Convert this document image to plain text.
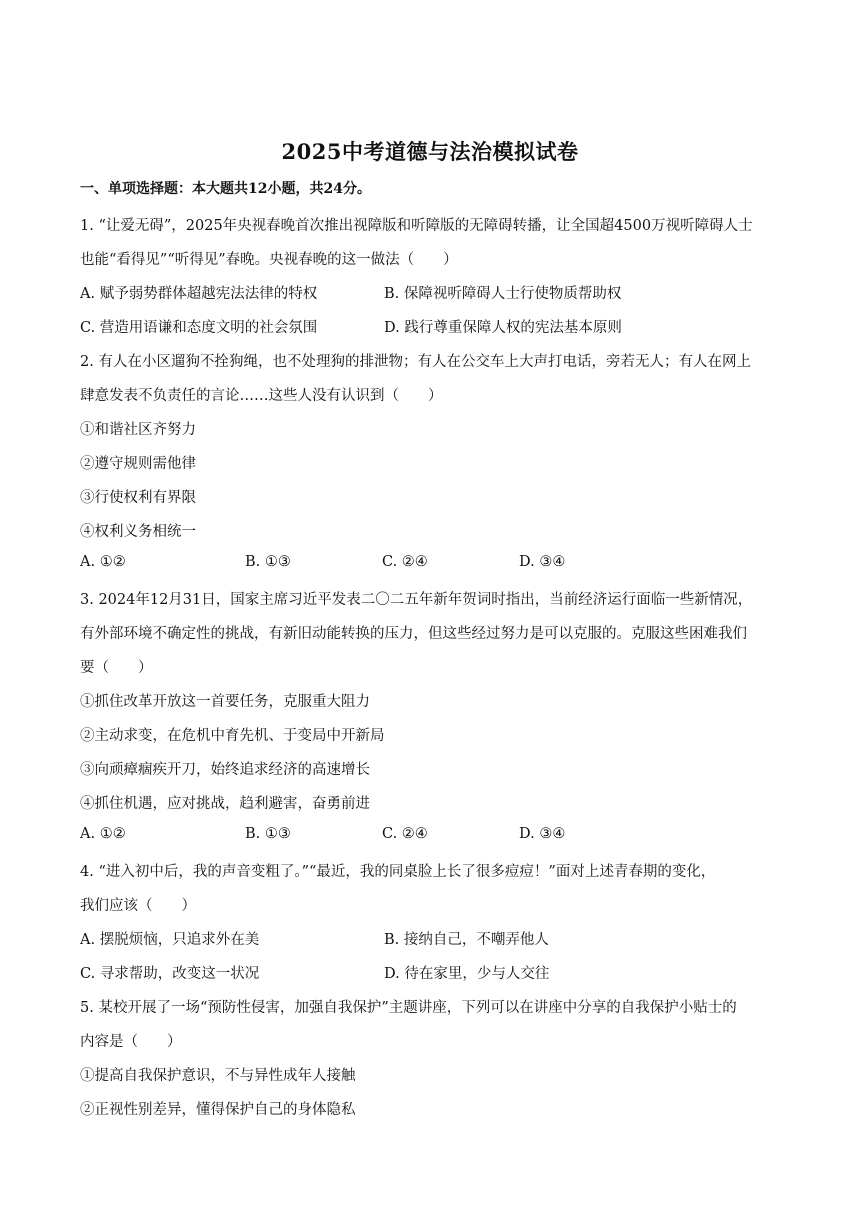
2025中考道德与法治模拟试卷
一、单项选择题：本大题共12小题，共24分。
1. “让爱无碍”，2025年央视春晚首次推出视障版和听障版的无障碍转播，让全国超4500万视听障碍人士
也能“看得见”“听得见”春晚。央视春晚的这一做法（　　）
A. 赋予弱势群体超越宪法法律的特权	B. 保障视听障碍人士行使物质帮助权
C. 营造用语谦和态度文明的社会氛围	D. 践行尊重保障人权的宪法基本原则
2. 有人在小区遛狗不拴狗绳，也不处理狗的排泄物；有人在公交车上大声打电话，旁若无人；有人在网上
肆意发表不负责任的言论……这些人没有认识到（　　）
①和谐社区齐努力
②遵守规则需他律
③行使权利有界限
④权利义务相统一
A. ①②	B. ①③	C. ②④	D. ③④
3. 2024年12月31日，国家主席习近平发表二〇二五年新年贺词时指出，当前经济运行面临一些新情况，
有外部环境不确定性的挑战，有新旧动能转换的压力，但这些经过努力是可以克服的。克服这些困难我们
要（　　）
①抓住改革开放这一首要任务，克服重大阻力
②主动求变，在危机中育先机、于变局中开新局
③向顽瘴痼疾开刀，始终追求经济的高速增长
④抓住机遇，应对挑战，趋利避害，奋勇前进
A. ①②	B. ①③	C. ②④	D. ③④
4. “进入初中后，我的声音变粗了。”“最近，我的同桌脸上长了很多痘痘！”面对上述青春期的变化，
我们应该（　　）
A. 摆脱烦恼，只追求外在美	B. 接纳自己，不嘲弄他人
C. 寻求帮助，改变这一状况	D. 待在家里，少与人交往
5. 某校开展了一场“预防性侵害，加强自我保护”主题讲座，下列可以在讲座中分享的自我保护小贴士的
内容是（　　）
①提高自我保护意识，不与异性成年人接触
②正视性别差异，懂得保护自己的身体隐私
